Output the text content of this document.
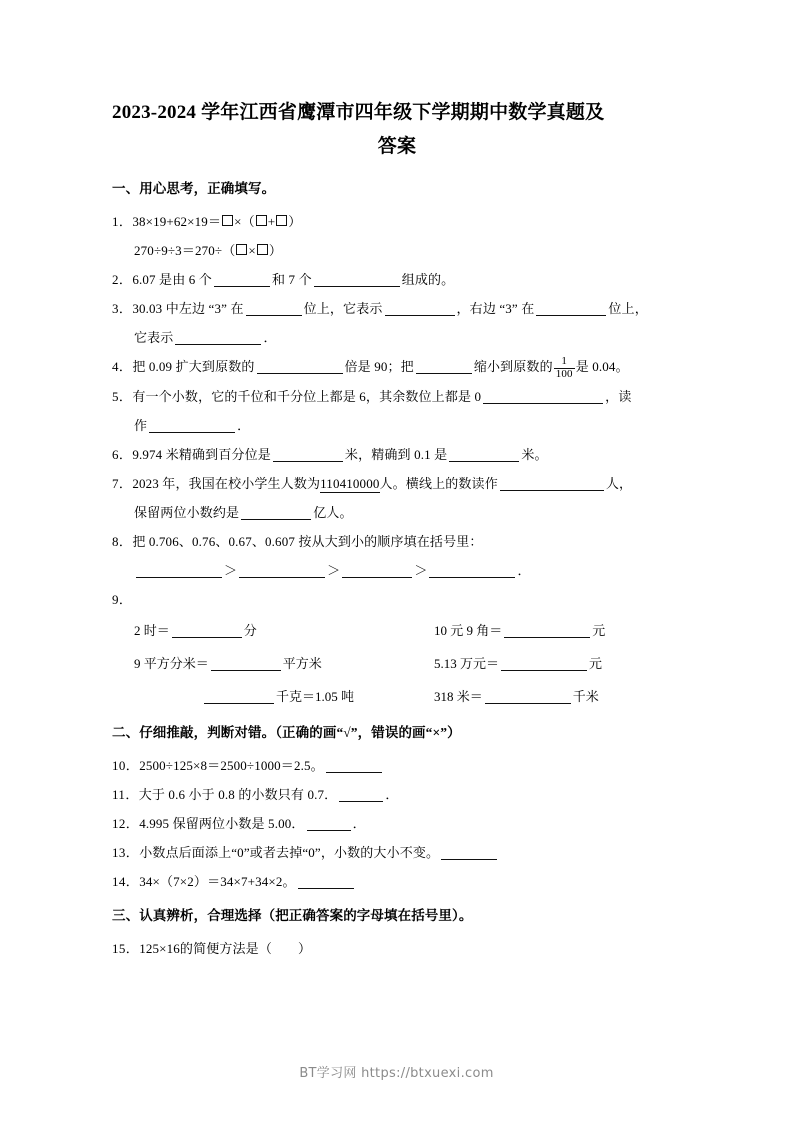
2023-2024 学年江西省鹰潭市四年级下学期期中数学真题及
答案
一、用心思考，正确填写。
1．38×19+62×19＝ ×（ + ）
270÷9÷3＝270÷（ × ）
2．6.07 是由 6 个	和 7 个	组成的。
3．30.03 中左边 “3” 在	位上，它表示	，右边 “3” 在	位上，
它表示	．
4．把 0.09 扩大到原数的	倍是 90；把	缩小到原数的 $\frac{1}{100}$ 是 0.04。
5．有一个小数，它的千位和千分位上都是 6，其余数位上都是 0	，读
作	．
6．9.974 米精确到百分位是	米，精确到 0.1 是	米。
7．2023 年，我国在校小学生人数为110410000人。横线上的数读作	人，
保留两位小数约是	亿人。
8．把 0.706、0.76、0.67、0.607 按从大到小的顺序填在括号里：
＞	＞	＞	．
9．
2 时＝	分	10 元 9 角＝	元
9 平方分米＝	平方米	5.13 万元＝	元
千克＝1.05 吨	318 米＝	千米
二、仔细推敲，判断对错。（正确的画“√”，错误的画“×”）
10．2500÷125×8＝2500÷1000＝2.5。
11．大于 0.6 小于 0.8 的小数只有 0.7．	．
12．4.995 保留两位小数是 5.00．	．
13．小数点后面添上“0”或者去掉“0”，小数的大小不变。
14．34×（7×2）＝34×7+34×2。
三、认真辨析，合理选择（把正确答案的字母填在括号里）。
15．125×16的简便方法是（ ）
BT学习网 https://btxuexi.com
